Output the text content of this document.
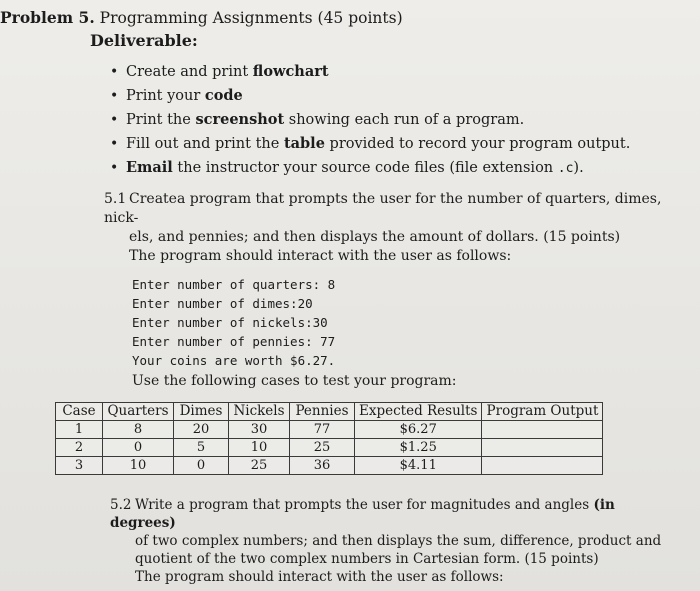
Problem 5. Programming Assignments (45 points)
Deliverable:
• Create and print flowchart
• Print your code
• Print the screenshot showing each run of a program.
• Fill out and print the table provided to record your program output.
• Email the instructor your source code files (file extension .c).
5.1 Createa program that prompts the user for the number of quarters, dimes, nick-
els, and pennies; and then displays the amount of dollars. (15 points)
The program should interact with the user as follows:
Enter number of quarters: 8
Enter number of dimes:20
Enter number of nickels:30
Enter number of pennies: 77
Your coins are worth $6.27.
Use the following cases to test your program:
Case	Quarters	Dimes	Nickels	Pennies	Expected Results	Program Output
1	8	20	30	77	$6.27	
2	0	5	10	25	$1.25	
3	10	0	25	36	$4.11	
5.2 Write a program that prompts the user for magnitudes and angles (in degrees)
of two complex numbers; and then displays the sum, difference, product and
quotient of the two complex numbers in Cartesian form. (15 points)
The program should interact with the user as follows:
